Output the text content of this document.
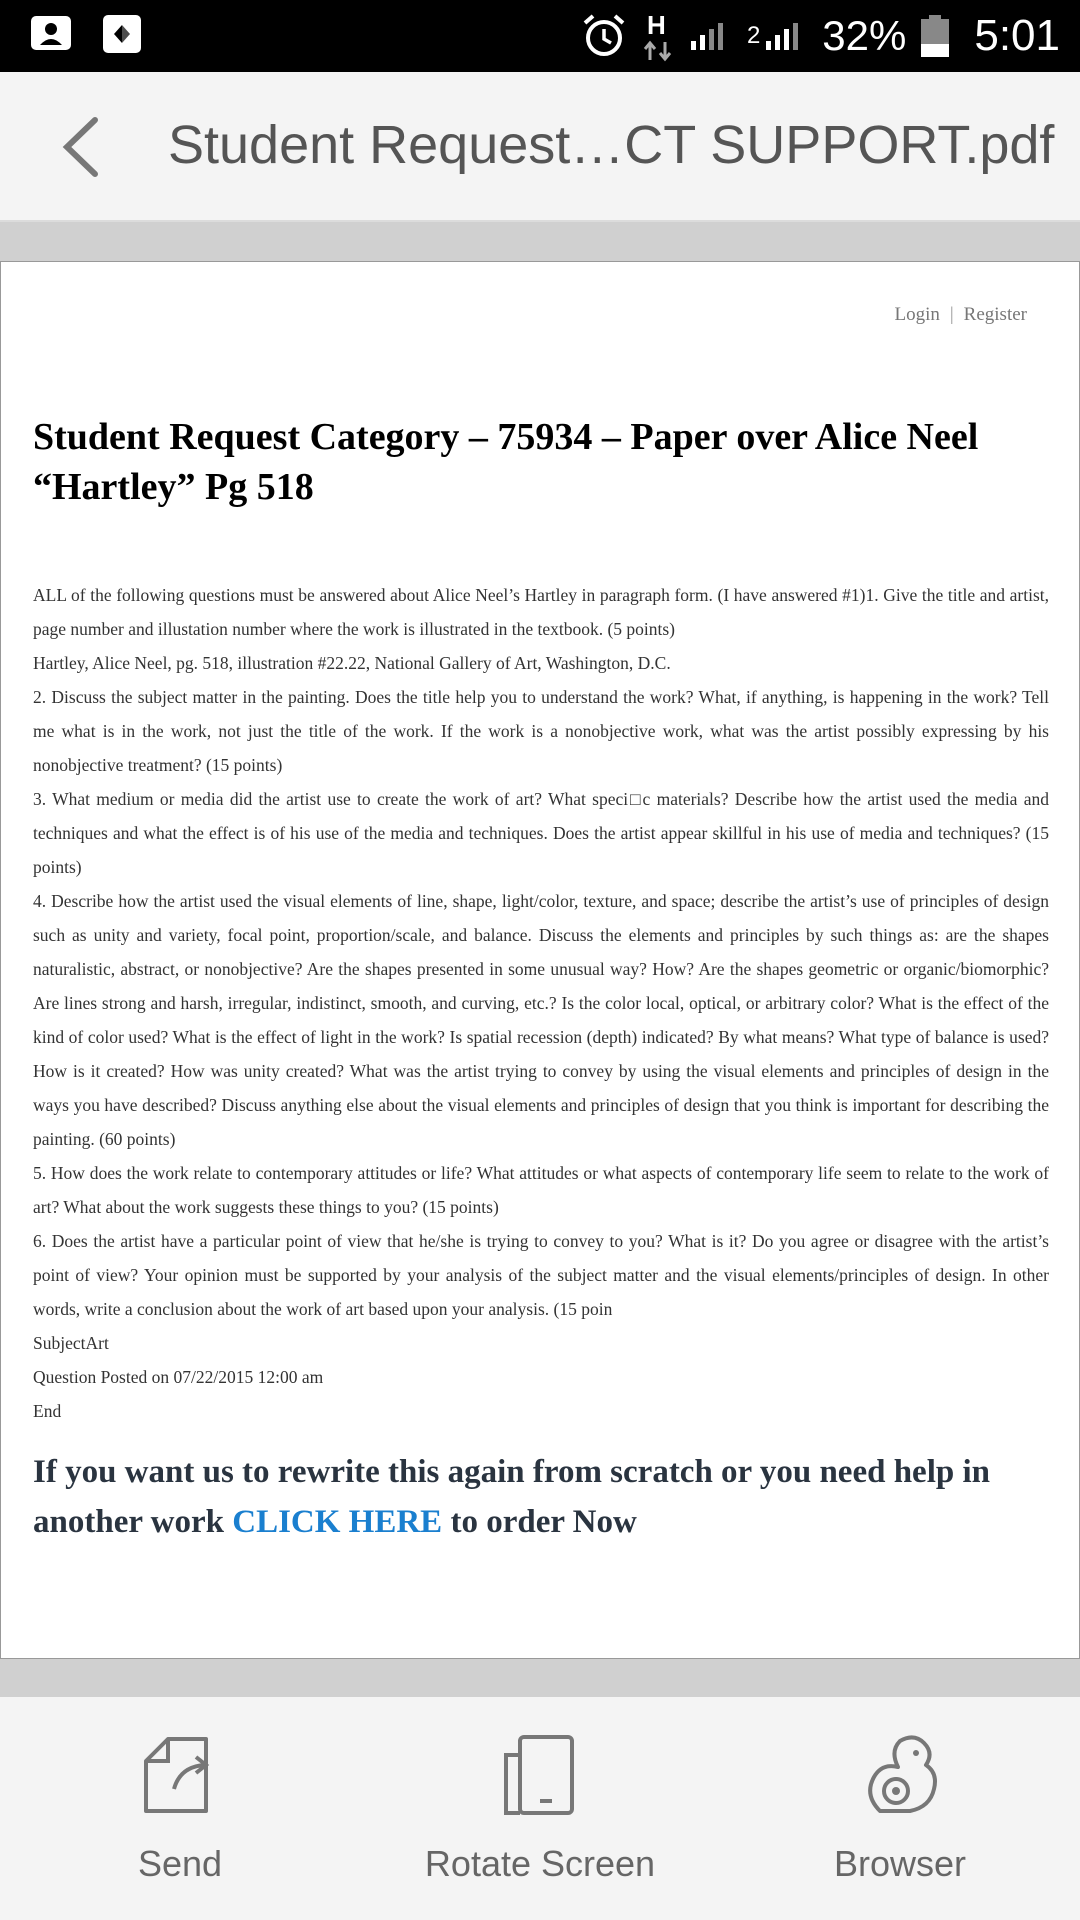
H	2 32% 5:01
Student Request…CT SUPPORT.pdf
Login | Register
Student Request Category – 75934 – Paper over Alice Neel “Hartley” Pg 518

ALL of the following questions must be answered about Alice Neel’s Hartley in paragraph form. (I have answered #1)1. Give the title and artist, page number and illustation number where the work is illustrated in the textbook. (5 points)

Hartley, Alice Neel, pg. 518, illustration #22.22, National Gallery of Art, Washington, D.C.

2. Discuss the subject matter in the painting. Does the title help you to understand the work? What, if anything, is happening in the work? Tell me what is in the work, not just the title of the work. If the work is a nonobjective work, what was the artist possibly expressing by his nonobjective treatment? (15 points)

3. What medium or media did the artist use to create the work of art? What speci□c materials? Describe how the artist used the media and techniques and what the effect is of his use of the media and techniques. Does the artist appear skillful in his use of media and techniques? (15 points)

4. Describe how the artist used the visual elements of line, shape, light/color, texture, and space; describe the artist’s use of principles of design such as unity and variety, focal point, proportion/scale, and balance. Discuss the elements and principles by such things as: are the shapes naturalistic, abstract, or nonobjective? Are the shapes presented in some unusual way? How? Are the shapes geometric or organic/biomorphic? Are lines strong and harsh, irregular, indistinct, smooth, and curving, etc.? Is the color local, optical, or arbitrary color? What is the effect of the kind of color used? What is the effect of light in the work? Is spatial recession (depth) indicated? By what means? What type of balance is used? How is it created? How was unity created? What was the artist trying to convey by using the visual elements and principles of design in the ways you have described? Discuss anything else about the visual elements and principles of design that you think is important for describing the painting. (60 points)

5. How does the work relate to contemporary attitudes or life? What attitudes or what aspects of contemporary life seem to relate to the work of art? What about the work suggests these things to you? (15 points)

6. Does the artist have a particular point of view that he/she is trying to convey to you? What is it? Do you agree or disagree with the artist’s point of view? Your opinion must be supported by your analysis of the subject matter and the visual elements/principles of design. In other words, write a conclusion about the work of art based upon your analysis. (15 poin

SubjectArt

Question Posted on 07/22/2015 12:00 am

End

If you want us to rewrite this again from scratch or you need help in another work CLICK HERE to order Now
Send	Rotate Screen	Browser
